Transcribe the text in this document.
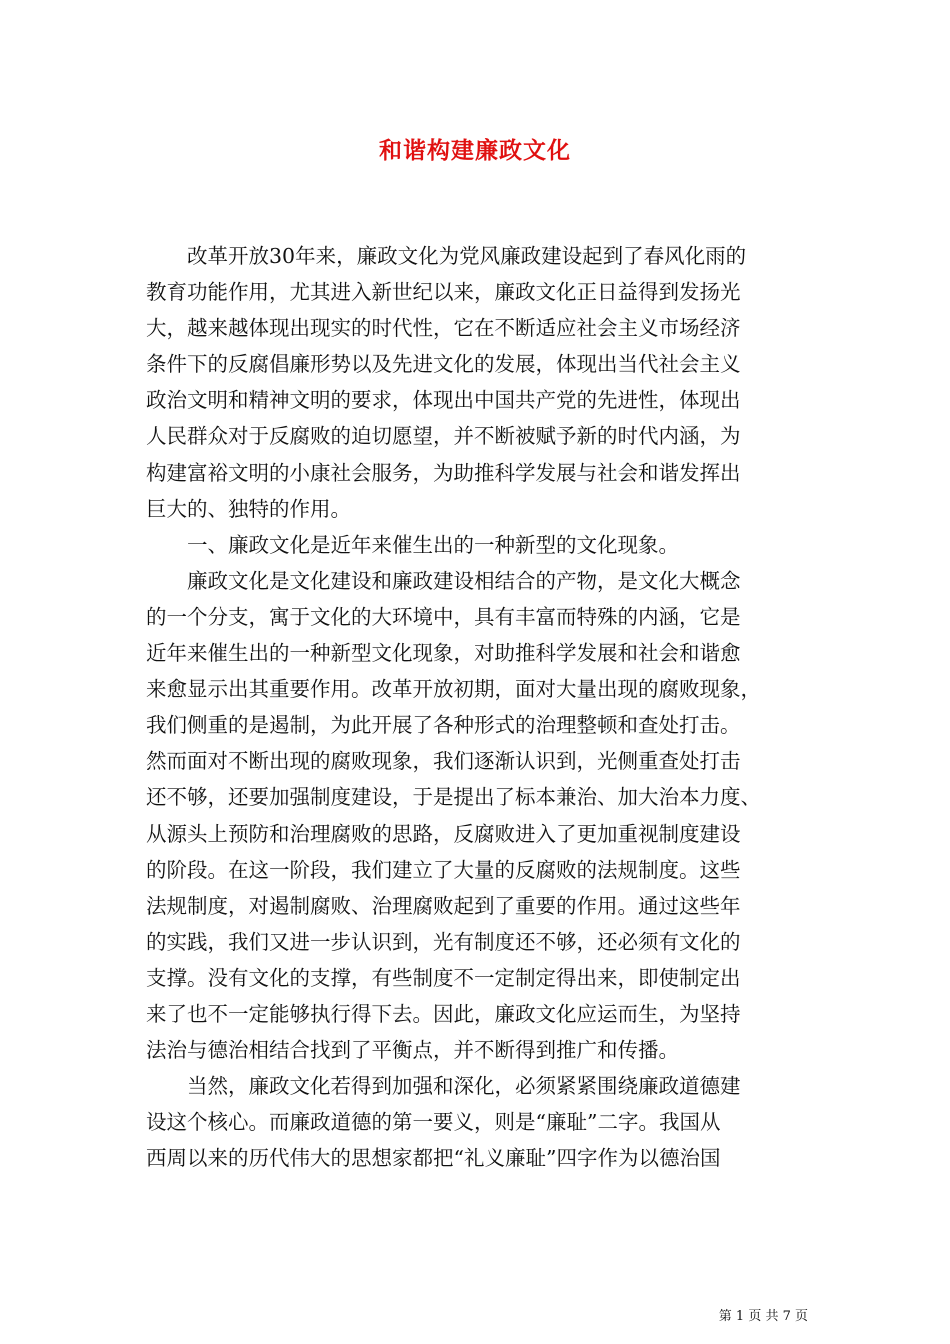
和谐构建廉政文化
　　改革开放30年来，廉政文化为党风廉政建设起到了春风化雨的
教育功能作用，尤其进入新世纪以来，廉政文化正日益得到发扬光
大，越来越体现出现实的时代性，它在不断适应社会主义市场经济
条件下的反腐倡廉形势以及先进文化的发展，体现出当代社会主义
政治文明和精神文明的要求，体现出中国共产党的先进性，体现出
人民群众对于反腐败的迫切愿望，并不断被赋予新的时代内涵，为
构建富裕文明的小康社会服务，为助推科学发展与社会和谐发挥出
巨大的、独特的作用。
　　一、廉政文化是近年来催生出的一种新型的文化现象。
　　廉政文化是文化建设和廉政建设相结合的产物，是文化大概念
的一个分支，寓于文化的大环境中，具有丰富而特殊的内涵，它是
近年来催生出的一种新型文化现象，对助推科学发展和社会和谐愈
来愈显示出其重要作用。改革开放初期，面对大量出现的腐败现象，
我们侧重的是遏制，为此开展了各种形式的治理整顿和查处打击。
然而面对不断出现的腐败现象，我们逐渐认识到，光侧重查处打击
还不够，还要加强制度建设，于是提出了标本兼治、加大治本力度、
从源头上预防和治理腐败的思路，反腐败进入了更加重视制度建设
的阶段。在这一阶段，我们建立了大量的反腐败的法规制度。这些
法规制度，对遏制腐败、治理腐败起到了重要的作用。通过这些年
的实践，我们又进一步认识到，光有制度还不够，还必须有文化的
支撑。没有文化的支撑，有些制度不一定制定得出来，即使制定出
来了也不一定能够执行得下去。因此，廉政文化应运而生，为坚持
法治与德治相结合找到了平衡点，并不断得到推广和传播。
　　当然，廉政文化若得到加强和深化，必须紧紧围绕廉政道德建
设这个核心。而廉政道德的第一要义，则是“廉耻”二字。我国从
西周以来的历代伟大的思想家都把“礼义廉耻”四字作为以德治国
第 1 页 共 7 页
